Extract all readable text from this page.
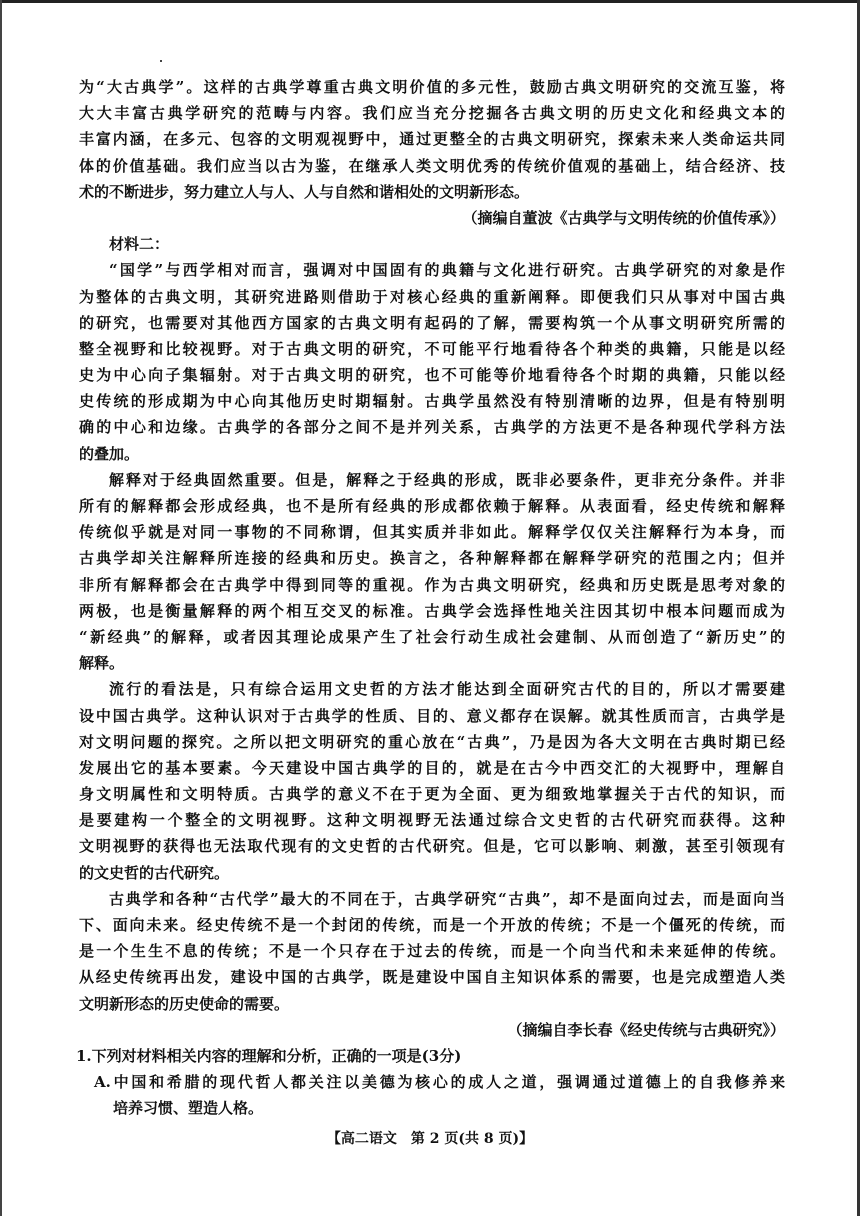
为“大古典学”。这样的古典学尊重古典文明价值的多元性，鼓励古典文明研究的交流互鉴，将
大大丰富古典学研究的范畴与内容。我们应当充分挖掘各古典文明的历史文化和经典文本的
丰富内涵，在多元、包容的文明观视野中，通过更整全的古典文明研究，探索未来人类命运共同
体的价值基础。我们应当以古为鉴，在继承人类文明优秀的传统价值观的基础上，结合经济、技
术的不断进步，努力建立人与人、人与自然和谐相处的文明新形态。
（摘编自董波《古典学与文明传统的价值传承》）
材料二：
“国学”与西学相对而言，强调对中国固有的典籍与文化进行研究。古典学研究的对象是作
为整体的古典文明，其研究进路则借助于对核心经典的重新阐释。即便我们只从事对中国古典
的研究，也需要对其他西方国家的古典文明有起码的了解，需要构筑一个从事文明研究所需的
整全视野和比较视野。对于古典文明的研究，不可能平行地看待各个种类的典籍，只能是以经
史为中心向子集辐射。对于古典文明的研究，也不可能等价地看待各个时期的典籍，只能以经
史传统的形成期为中心向其他历史时期辐射。古典学虽然没有特别清晰的边界，但是有特别明
确的中心和边缘。古典学的各部分之间不是并列关系，古典学的方法更不是各种现代学科方法
的叠加。
解释对于经典固然重要。但是，解释之于经典的形成，既非必要条件，更非充分条件。并非
所有的解释都会形成经典，也不是所有经典的形成都依赖于解释。从表面看，经史传统和解释
传统似乎就是对同一事物的不同称谓，但其实质并非如此。解释学仅仅关注解释行为本身，而
古典学却关注解释所连接的经典和历史。换言之，各种解释都在解释学研究的范围之内；但并
非所有解释都会在古典学中得到同等的重视。作为古典文明研究，经典和历史既是思考对象的
两极，也是衡量解释的两个相互交叉的标准。古典学会选择性地关注因其切中根本问题而成为
“新经典”的解释，或者因其理论成果产生了社会行动生成社会建制、从而创造了“新历史”的
解释。
流行的看法是，只有综合运用文史哲的方法才能达到全面研究古代的目的，所以才需要建
设中国古典学。这种认识对于古典学的性质、目的、意义都存在误解。就其性质而言，古典学是
对文明问题的探究。之所以把文明研究的重心放在“古典”，乃是因为各大文明在古典时期已经
发展出它的基本要素。今天建设中国古典学的目的，就是在古今中西交汇的大视野中，理解自
身文明属性和文明特质。古典学的意义不在于更为全面、更为细致地掌握关于古代的知识，而
是要建构一个整全的文明视野。这种文明视野无法通过综合文史哲的古代研究而获得。这种
文明视野的获得也无法取代现有的文史哲的古代研究。但是，它可以影响、刺激，甚至引领现有
的文史哲的古代研究。
古典学和各种“古代学”最大的不同在于，古典学研究“古典”，却不是面向过去，而是面向当
下、面向未来。经史传统不是一个封闭的传统，而是一个开放的传统；不是一个僵死的传统，而
是一个生生不息的传统；不是一个只存在于过去的传统，而是一个向当代和未来延伸的传统。
从经史传统再出发，建设中国的古典学，既是建设中国自主知识体系的需要，也是完成塑造人类
文明新形态的历史使命的需要。
（摘编自李长春《经史传统与古典研究》）
1.下列对材料相关内容的理解和分析，正确的一项是(3分)
A.中国和希腊的现代哲人都关注以美德为核心的成人之道，强调通过道德上的自我修养来
培养习惯、塑造人格。
【高二语文　第 2 页(共 8 页)】
